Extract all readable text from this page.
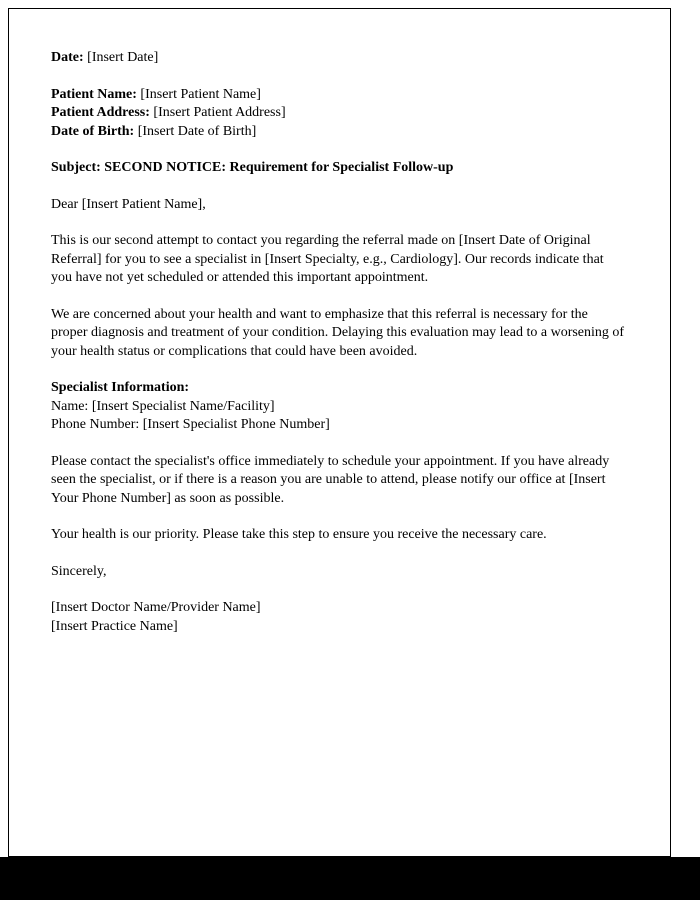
Date: [Insert Date]

Patient Name: [Insert Patient Name]

Patient Address: [Insert Patient Address]

Date of Birth: [Insert Date of Birth]

Subject: SECOND NOTICE: Requirement for Specialist Follow-up

Dear [Insert Patient Name],

This is our second attempt to contact you regarding the referral made on [Insert Date of Original Referral] for you to see a specialist in [Insert Specialty, e.g., Cardiology]. Our records indicate that you have not yet scheduled or attended this important appointment.

We are concerned about your health and want to emphasize that this referral is necessary for the proper diagnosis and treatment of your condition. Delaying this evaluation may lead to a worsening of your health status or complications that could have been avoided.

Specialist Information:

Name: [Insert Specialist Name/Facility]

Phone Number: [Insert Specialist Phone Number]

Please contact the specialist's office immediately to schedule your appointment. If you have already seen the specialist, or if there is a reason you are unable to attend, please notify our office at [Insert Your Phone Number] as soon as possible.

Your health is our priority. Please take this step to ensure you receive the necessary care.

Sincerely,

[Insert Doctor Name/Provider Name]

[Insert Practice Name]
